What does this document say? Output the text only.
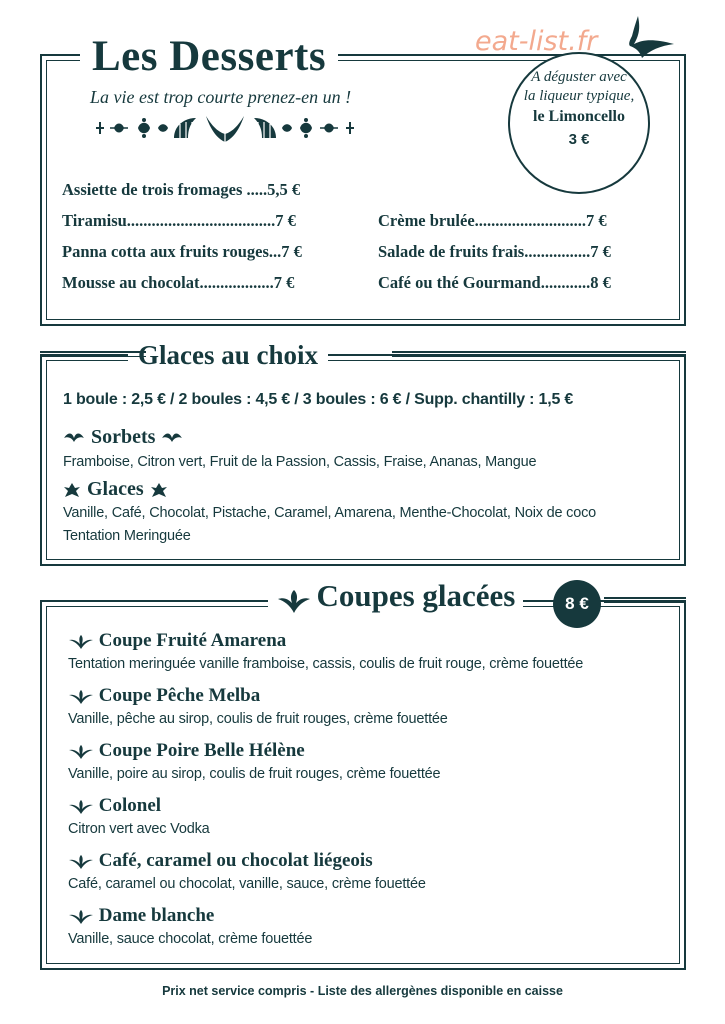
eat-list.fr
Les Desserts
La vie est trop courte prenez-en un !
A déguster avec
la liqueur typique,
le Limoncello
3 €
Assiette de trois fromages .....5,5 €
Tiramisu....................................7 €
Panna cotta aux fruits rouges...7 €
Mousse au chocolat..................7 €
Crème brulée...........................7 €
Salade de fruits frais................7 €
Café ou thé Gourmand............8 €
Glaces au choix
1 boule : 2,5 € / 2 boules : 4,5 € / 3 boules : 6 € / Supp. chantilly : 1,5 €
Sorbets
Framboise, Citron vert, Fruit de la Passion, Cassis, Fraise, Ananas, Mangue
Glaces
Vanille, Café, Chocolat, Pistache, Caramel, Amarena, Menthe-Chocolat, Noix de coco
Tentation Meringuée
Coupes glacées	8 €
Coupe Fruité Amarena
Tentation meringuée vanille framboise, cassis, coulis de fruit rouge, crème fouettée
Coupe Pêche Melba
Vanille, pêche au sirop, coulis de fruit rouges, crème fouettée
Coupe Poire Belle Hélène
Vanille, poire au sirop, coulis de fruit rouges, crème fouettée
Colonel
Citron vert avec Vodka
Café, caramel ou chocolat liégeois
Café, caramel ou chocolat, vanille, sauce, crème fouettée
Dame blanche
Vanille, sauce chocolat, crème fouettée
Prix net service compris - Liste des allergènes disponible en caisse
